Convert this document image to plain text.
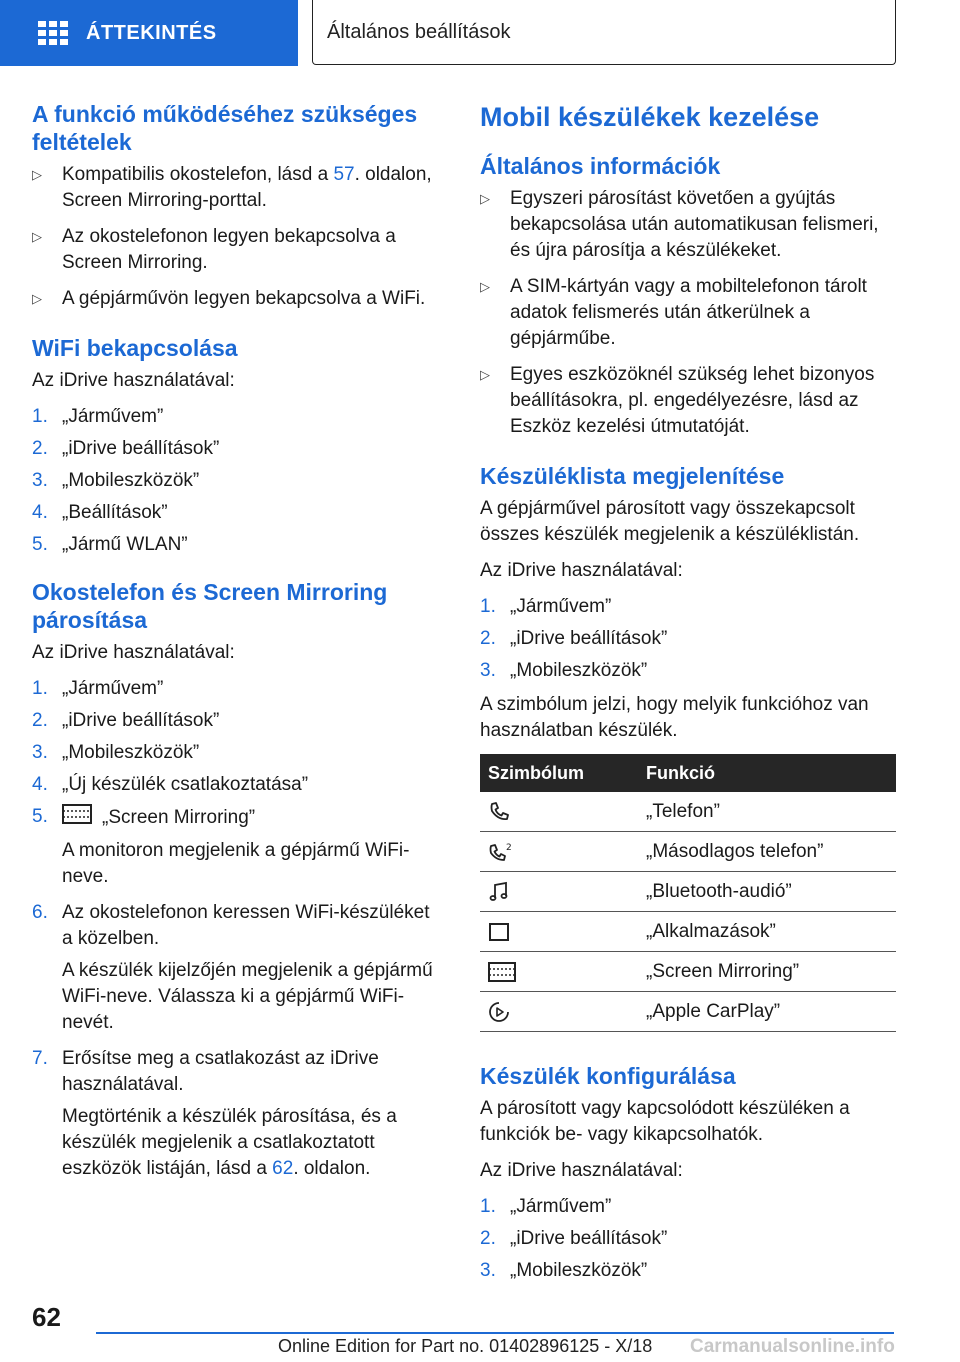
ÁTTEKINTÉS	Általános beállítások
A funkció működéséhez szükséges feltételek
▷ Kompatibilis okostelefon, lásd a 57. oldalon, Screen Mirroring-porttal.
▷ Az okostelefonon legyen bekapcsolva a Screen Mirroring.
▷ A gépjárművön legyen bekapcsolva a WiFi.
WiFi bekapcsolása

Az iDrive használatával:

1. „Járművem”
2. „iDrive beállítások”
3. „Mobileszközök”
4. „Beállítások”
5. „Jármű WLAN”
Okostelefon és Screen Mirroring párosítása

Az iDrive használatával:

1. „Járművem”
2. „iDrive beállítások”
3. „Mobileszközök”
4. „Új készülék csatlakoztatása”
5.	„Screen Mirroring”

A monitoron megjelenik a gépjármű WiFi-neve.

6. Az okostelefonon keressen WiFi-készüléket a közelben.

A készülék kijelzőjén megjelenik a gépjármű WiFi-neve. Válassza ki a gépjármű WiFi-nevét.

7. Erősítse meg a csatlakozást az iDrive használatával.

Megtörténik a készülék párosítása, és a készülék megjelenik a csatlakoztatott eszközök listáján, lásd a 62. oldalon.

Mobil készülékek kezelése
Általános információk
▷ Egyszeri párosítást követően a gyújtás bekapcsolása után automatikusan felismeri, és újra párosítja a készülékeket.
▷ A SIM-kártyán vagy a mobiltelefonon tárolt adatok felismerés után átkerülnek a gépjárműbe.
▷ Egyes eszközöknél szükség lehet bizonyos beállításokra, pl. engedélyezésre, lásd az Eszköz kezelési útmutatóját.
Készüléklista megjelenítése

A gépjárművel párosított vagy összekapcsolt összes készülék megjelenik a készüléklistán.

Az iDrive használatával:

1. „Járművem”
2. „iDrive beállítások”
3. „Mobileszközök”

A szimbólum jelzi, hogy melyik funkcióhoz van használatban készülék.

Szimbólum	Funkció

	„Telefon”

2	„Másodlagos telefon”

	„Bluetooth-audió”

	„Alkalmazások”

	„Screen Mirroring”

	„Apple CarPlay”
Készülék konfigurálása

A párosított vagy kapcsolódott készüléken a funkciók be- vagy kikapcsolhatók.

Az iDrive használatával:

1. „Járművem”
2. „iDrive beállítások”
3. „Mobileszközök”
62
Online Edition for Part no. 01402896125 - X/18 Carmanualsonline.info
